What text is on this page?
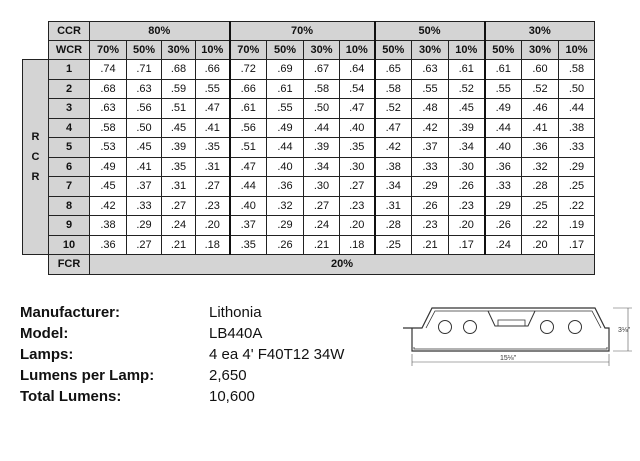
	CCR	80%				70%				50%			30%		
	WCR	70%	50%	30%	10%	70%	50%	30%	10%	50%	30%	10%	50%	30%	10%

R
C
R	1	.74	.71	.68	.66	.72	.69	.67	.64	.65	.63	.61	.61	.60	.58
	2	.68	.63	.59	.55	.66	.61	.58	.54	.58	.55	.52	.55	.52	.50
	3	.63	.56	.51	.47	.61	.55	.50	.47	.52	.48	.45	.49	.46	.44
	4	.58	.50	.45	.41	.56	.49	.44	.40	.47	.42	.39	.44	.41	.38
	5	.53	.45	.39	.35	.51	.44	.39	.35	.42	.37	.34	.40	.36	.33
	6	.49	.41	.35	.31	.47	.40	.34	.30	.38	.33	.30	.36	.32	.29
	7	.45	.37	.31	.27	.44	.36	.30	.27	.34	.29	.26	.33	.28	.25
	8	.42	.33	.27	.23	.40	.32	.27	.23	.31	.26	.23	.29	.25	.22
	9	.38	.29	.24	.20	.37	.29	.24	.20	.28	.23	.20	.26	.22	.19
	10	.36	.27	.21	.18	.35	.26	.21	.18	.25	.21	.17	.24	.20	.17
	FCR	20%													
Manufacturer:	Lithonia
Model:	LB440A
Lamps:	4 ea 4' F40T12 34W
Lumens per Lamp:	2,650
Total Lumens:	10,600
3⅛"
15⅛"
